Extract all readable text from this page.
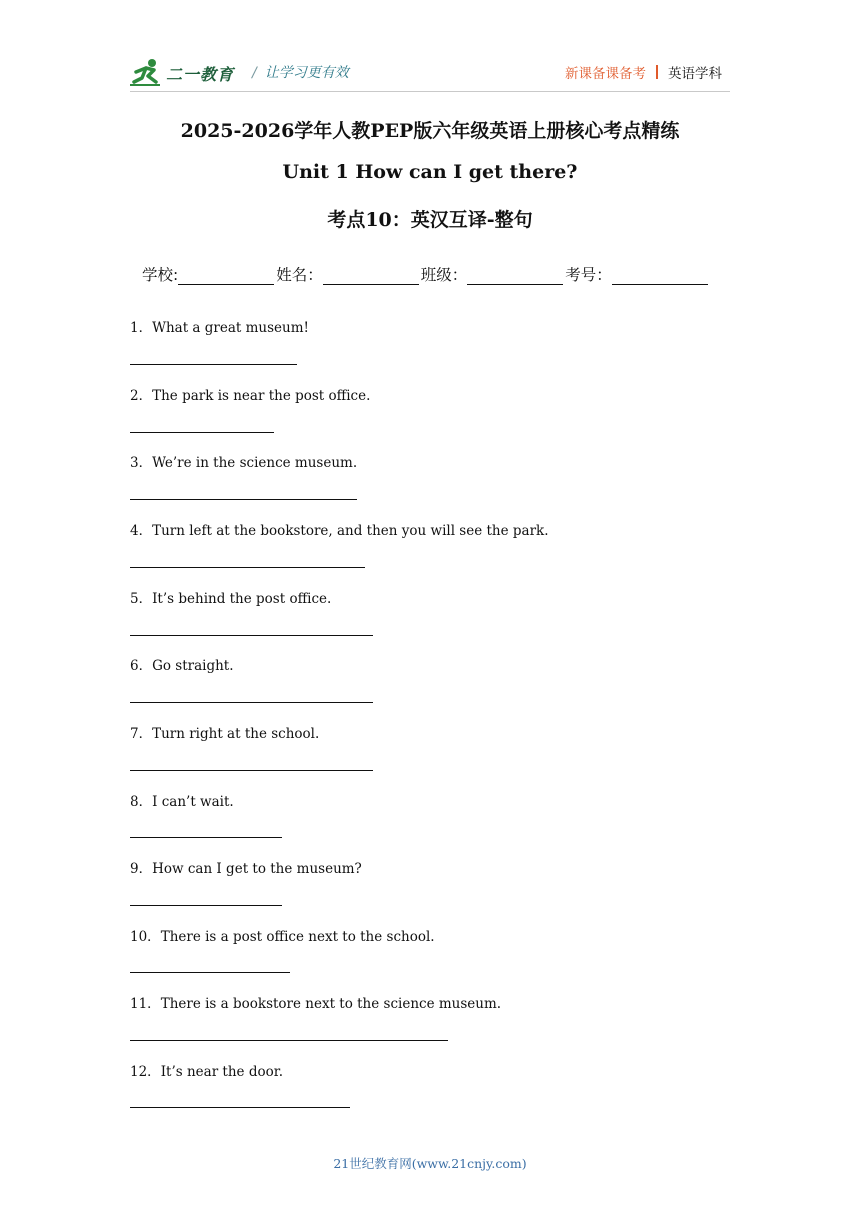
二一教育 / 让学习更有效	新课备课备考 英语学科
2025-2026学年人教PEP版六年级英语上册核心考点精练
Unit 1 How can I get there?
考点10：英汉互译-整句
学校:	姓名：	班级：	考号：
1．What a great museum!
2．The park is near the post office.
3．We’re in the science museum.
4．Turn left at the bookstore, and then you will see the park.
5．It’s behind the post office.
6．Go straight.
7．Turn right at the school.
8．I can’t wait.
9．How can I get to the museum?
10．There is a post office next to the school.
11．There is a bookstore next to the science museum.
12．It’s near the door.
21世纪教育网(www.21cnjy.com)
